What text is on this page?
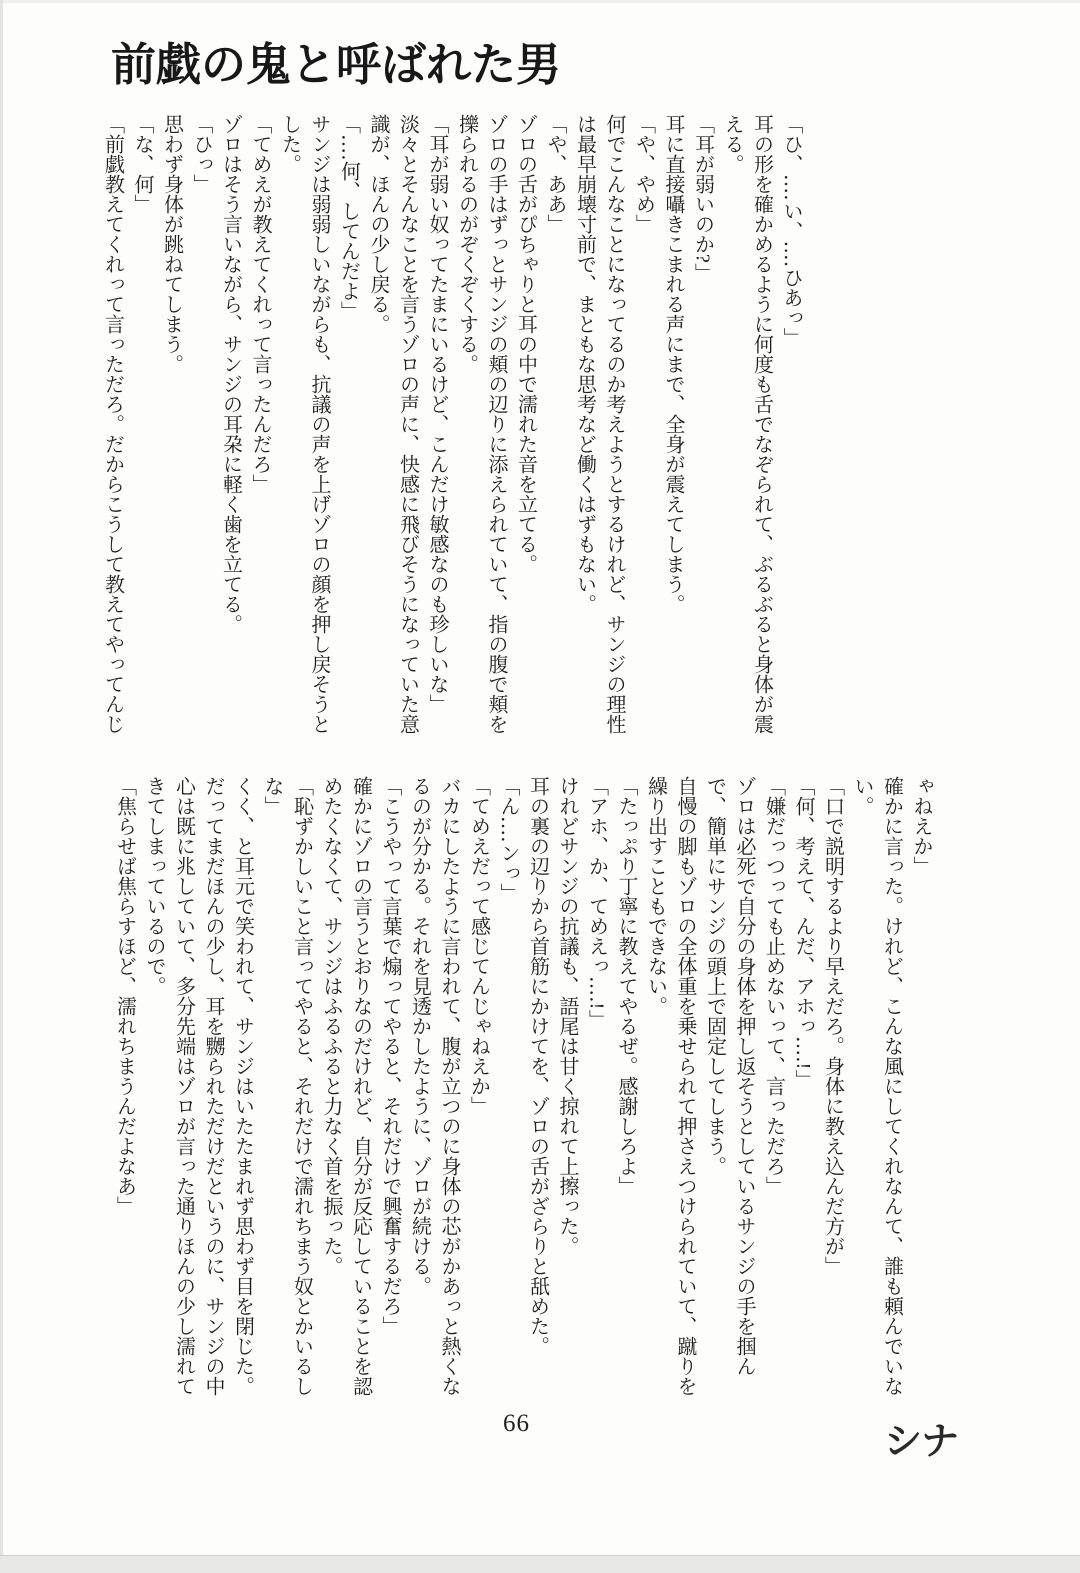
前戯の鬼と呼ばれた男

「ひ、‥‥い、‥‥ひあっ」

耳の形を確かめるように何度も舌でなぞられて、ぶるぶると身体が震える。

「耳が弱いのか?」

耳に直接囁きこまれる声にまで、全身が震えてしまう。

「や、やめ」

何でこんなことになってるのか考えようとするけれど、サンジの理性は最早崩壊寸前で、まともな思考など働くはずもない。

「や、ああ」

ゾロの舌がぴちゃりと耳の中で濡れた音を立てる。

ゾロの手はずっとサンジの頬の辺りに添えられていて、指の腹で頬を擽られるのがぞくぞくする。

「耳が弱い奴ってたまにいるけど、こんだけ敏感なのも珍しいな」

淡々とそんなことを言うゾロの声に、快感に飛びそうになっていた意識が、ほんの少し戻る。

「‥‥何、してんだよ」

サンジは弱弱しいながらも、抗議の声を上げゾロの顔を押し戻そうとした。

「てめえが教えてくれって言ったんだろ」

ゾロはそう言いながら、サンジの耳朶に軽く歯を立てる。

「ひっ」

思わず身体が跳ねてしまう。

「な、何」

「前戯教えてくれって言っただろ。だからこうして教えてやってんじ

ゃねえか」

確かに言った。けれど、こんな風にしてくれなんて、誰も頼んでいない。

「口で説明するより早えだろ。身体に教え込んだ方が」

「何、考えて、んだ、アホっ‥‥!」

「嫌だっつっても止めないって、言っただろ」

ゾロは必死で自分の身体を押し返そうとしているサンジの手を掴んで、簡単にサンジの頭上で固定してしまう。

自慢の脚もゾロの全体重を乗せられて押さえつけられていて、蹴りを繰り出すこともできない。

「たっぷり丁寧に教えてやるぜ。感謝しろよ」

「アホ、か、てめえっ‥‥!」

けれどサンジの抗議も、語尾は甘く掠れて上擦った。

耳の裏の辺りから首筋にかけてを、ゾロの舌がざらりと舐めた。

「ん‥‥ンっ」

「てめえだって感じてんじゃねえか」

バカにしたように言われて、腹が立つのに身体の芯がかあっと熱くなるのが分かる。それを見透かしたように、ゾロが続ける。

「こうやって言葉で煽ってやると、それだけで興奮するだろ」

確かにゾロの言うとおりなのだけれど、自分が反応していることを認めたくなくて、サンジはふるふると力なく首を振った。

「恥ずかしいこと言ってやると、それだけで濡れちまう奴とかいるしな」

くく、と耳元で笑われて、サンジはいたたまれず思わず目を閉じた。

だってまだほんの少し、耳を嬲られただけだというのに、サンジの中心は既に兆していて、多分先端はゾロが言った通りほんの少し濡れてきてしまっているので。

「焦らせば焦らすほど、濡れちまうんだよなあ」

66	シナ
